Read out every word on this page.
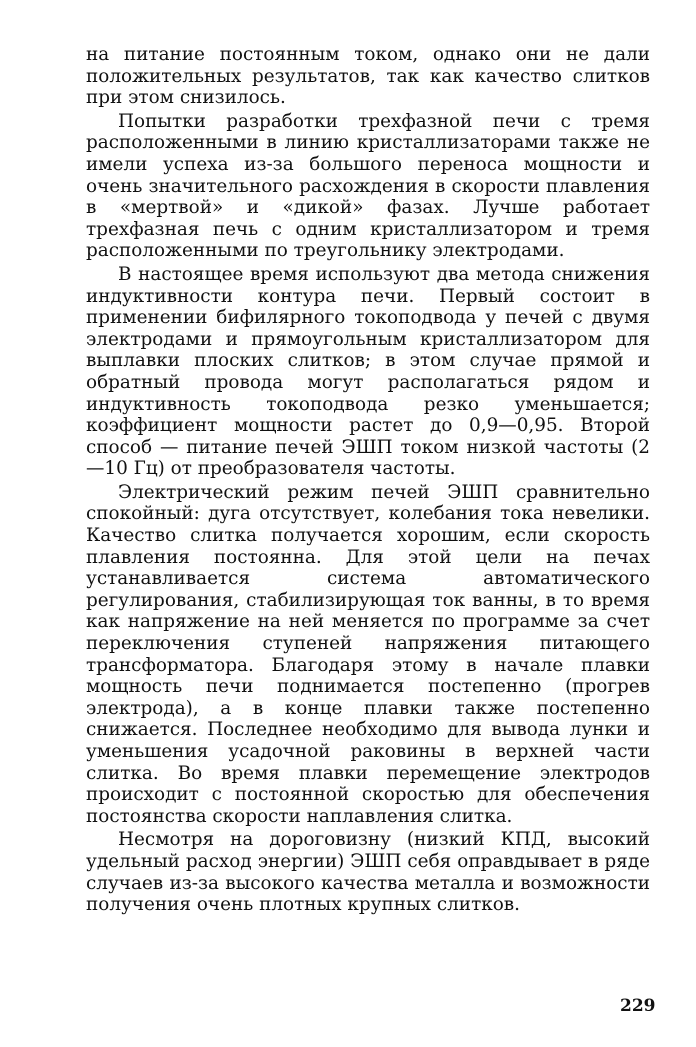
на питание постоянным током, однако они не дали положительных результатов, так как качество слитков при этом снизилось.

Попытки разработки трехфазной печи с тремя расположенными в линию кристаллизаторами также не имели успеха из-за большого переноса мощности и очень значительного расхождения в скорости плавления в «мертвой» и «дикой» фазах. Лучше работает трехфазная печь с одним кристаллизатором и тремя расположенными по треугольнику электродами.

В настоящее время используют два метода снижения индуктивности контура печи. Первый состоит в применении бифилярного токоподвода у печей с двумя электродами и прямоугольным кристаллизатором для выплавки плоских слитков; в этом случае прямой и обратный провода могут располагаться рядом и индуктивность токоподвода резко уменьшается; коэффициент мощности растет до 0,9—0,95. Второй способ — питание печей ЭШП током низкой частоты (2—10 Гц) от преобразователя частоты.

Электрический режим печей ЭШП сравнительно спокойный: дуга отсутствует, колебания тока невелики. Качество слитка получается хорошим, если скорость плавления постоянна. Для этой цели на печах устанавливается система автоматического регулирования, стабилизирующая ток ванны, в то время как напряжение на ней меняется по программе за счет переключения ступеней напряжения питающего трансформатора. Благодаря этому в начале плавки мощность печи поднимается постепенно (прогрев электрода), а в конце плавки также постепенно снижается. Последнее необходимо для вывода лунки и уменьшения усадочной раковины в верхней части слитка. Во время плавки перемещение электродов происходит с постоянной скоростью для обеспечения постоянства скорости наплавления слитка.

Несмотря на дороговизну (низкий КПД, высокий удельный расход энергии) ЭШП себя оправдывает в ряде случаев из-за высокого качества металла и возможности получения очень плотных крупных слитков.

229
